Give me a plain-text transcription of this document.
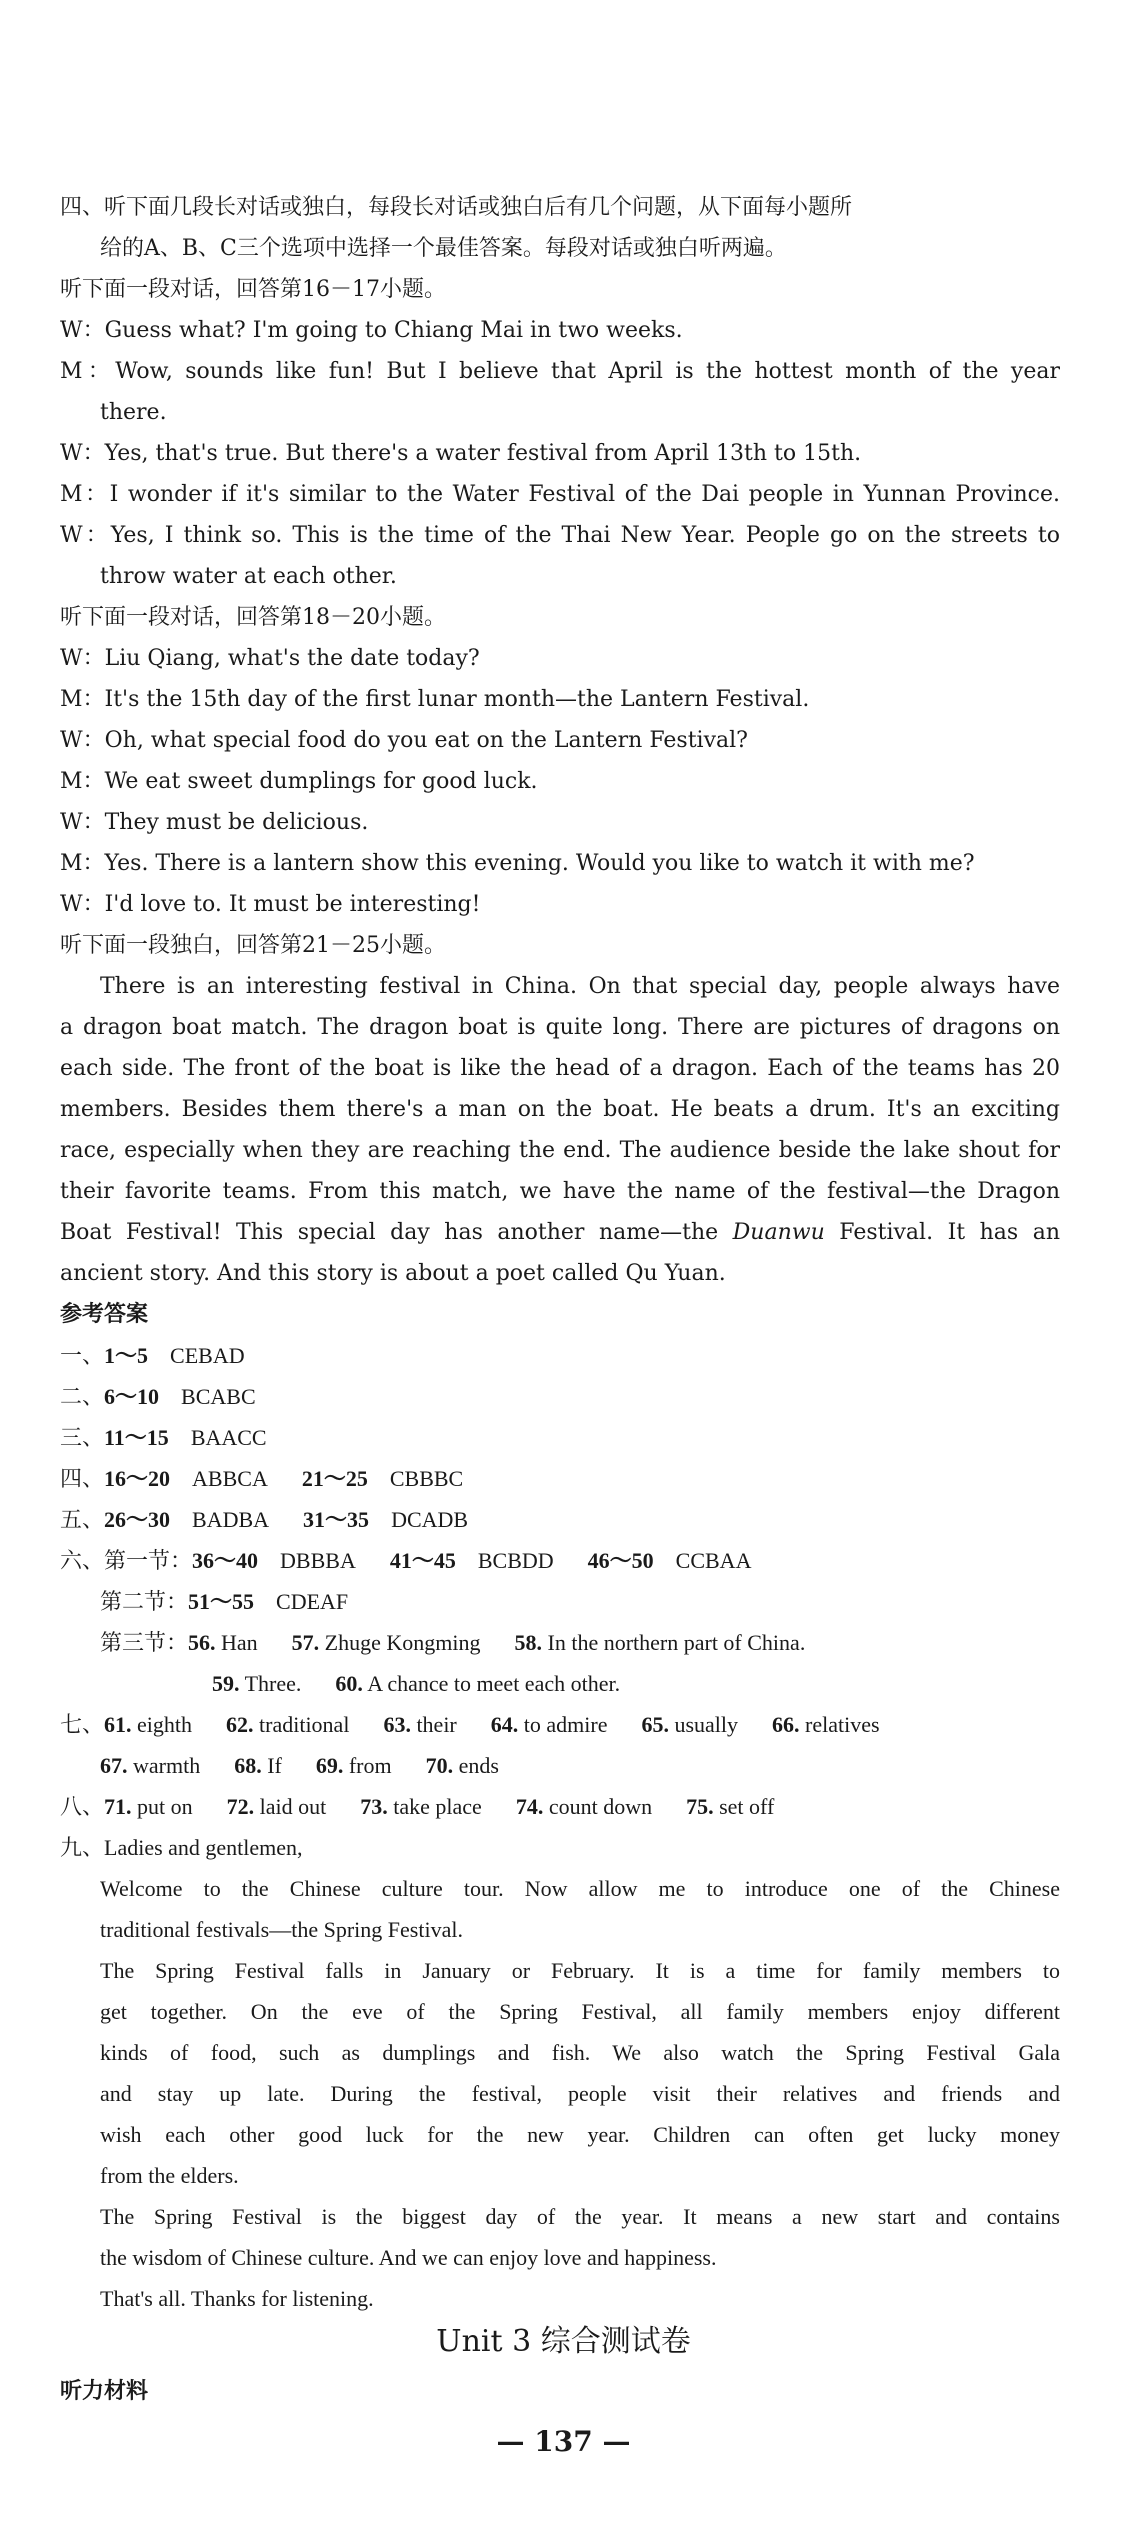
四、听下面几段长对话或独白，每段长对话或独白后有几个问题，从下面每小题所
给的A、B、C三个选项中选择一个最佳答案。每段对话或独白听两遍。
听下面一段对话，回答第16－17小题。
W：Guess what? I'm going to Chiang Mai in two weeks.
M：Wow, sounds like fun! But I believe that April is the hottest month of the year
there.
W：Yes, that's true. But there's a water festival from April 13th to 15th.
M：I wonder if it's similar to the Water Festival of the Dai people in Yunnan Province.
W：Yes, I think so. This is the time of the Thai New Year. People go on the streets to
throw water at each other.
听下面一段对话，回答第18－20小题。
W：Liu Qiang, what's the date today?
M：It's the 15th day of the first lunar month—the Lantern Festival.
W：Oh, what special food do you eat on the Lantern Festival?
M：We eat sweet dumplings for good luck.
W：They must be delicious.
M：Yes. There is a lantern show this evening. Would you like to watch it with me?
W：I'd love to. It must be interesting!
听下面一段独白，回答第21－25小题。
There is an interesting festival in China. On that special day, people always have
a dragon boat match. The dragon boat is quite long. There are pictures of dragons on
each side. The front of the boat is like the head of a dragon. Each of the teams has 20
members. Besides them there's a man on the boat. He beats a drum. It's an exciting
race, especially when they are reaching the end. The audience beside the lake shout for
their favorite teams. From this match, we have the name of the festival—the Dragon
Boat Festival! This special day has another name—the Duanwu Festival. It has an
ancient story. And this story is about a poet called Qu Yuan.
参考答案
一、1～5 CEBAD
二、6～10 BCABC
三、11～15 BAACC
四、16～20 ABBCA 21～25 CBBBC
五、26～30 BADBA 31～35 DCADB
六、第一节：36～40 DBBBA 41～45 BCBDD 46～50 CCBAA
第二节：51～55 CDEAF
第三节：56. Han 57. Zhuge Kongming 58. In the northern part of China.
59. Three. 60. A chance to meet each other.
七、61. eighth 62. traditional 63. their 64. to admire 65. usually 66. relatives
67. warmth 68. If 69. from 70. ends
八、71. put on 72. laid out 73. take place 74. count down 75. set off
九、Ladies and gentlemen,
Welcome to the Chinese culture tour. Now allow me to introduce one of the Chinese
traditional festivals—the Spring Festival.
The Spring Festival falls in January or February. It is a time for family members to
get together. On the eve of the Spring Festival, all family members enjoy different
kinds of food, such as dumplings and fish. We also watch the Spring Festival Gala
and stay up late. During the festival, people visit their relatives and friends and
wish each other good luck for the new year. Children can often get lucky money
from the elders.
The Spring Festival is the biggest day of the year. It means a new start and contains
the wisdom of Chinese culture. And we can enjoy love and happiness.
That's all. Thanks for listening.
Unit 3 综合测试卷
听力材料
— 137 —
